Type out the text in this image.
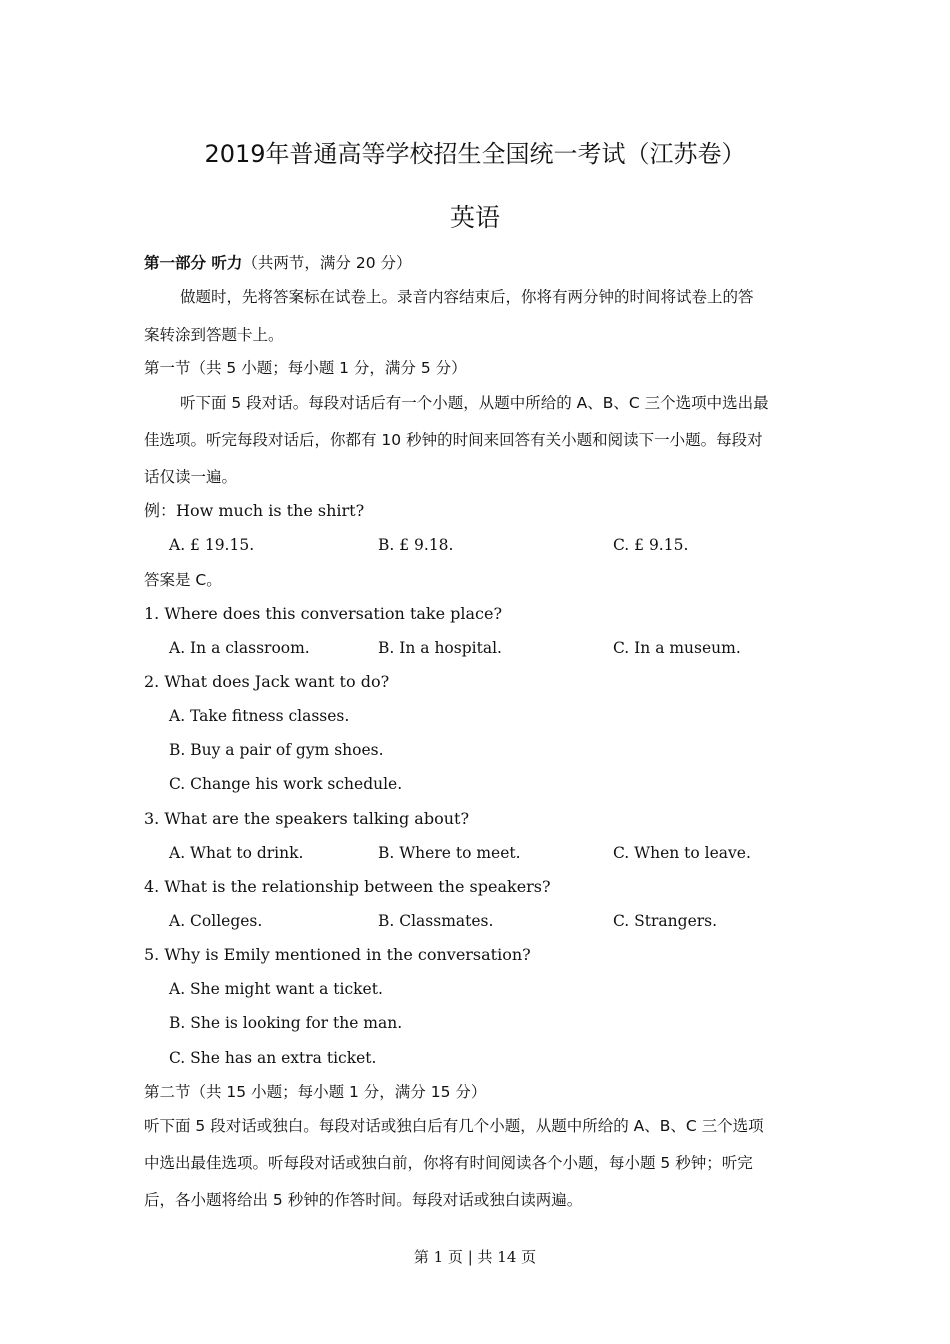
2019年普通高等学校招生全国统一考试（江苏卷）
英语
第一部分 听力（共两节，满分 20 分）
做题时，先将答案标在试卷上。录音内容结束后，你将有两分钟的时间将试卷上的答
案转涂到答题卡上。
第一节（共 5 小题；每小题 1 分，满分 5 分）
听下面 5 段对话。每段对话后有一个小题，从题中所给的 A、B、C 三个选项中选出最
佳选项。听完每段对话后，你都有 10 秒钟的时间来回答有关小题和阅读下一小题。每段对
话仅读一遍。
例：How much is the shirt?
A. £ 19.15.	B. £ 9.18.	C. £ 9.15.
答案是 C。
1. Where does this conversation take place?
A. In a classroom.	B. In a hospital.	C. In a museum.
2. What does Jack want to do?
A. Take fitness classes.
B. Buy a pair of gym shoes.
C. Change his work schedule.
3. What are the speakers talking about?
A. What to drink.	B. Where to meet.	C. When to leave.
4. What is the relationship between the speakers?
A. Colleges.	B. Classmates.	C. Strangers.
5. Why is Emily mentioned in the conversation?
A. She might want a ticket.
B. She is looking for the man.
C. She has an extra ticket.
第二节（共 15 小题；每小题 1 分，满分 15 分）
听下面 5 段对话或独白。每段对话或独白后有几个小题，从题中所给的 A、B、C 三个选项
中选出最佳选项。听每段对话或独白前，你将有时间阅读各个小题，每小题 5 秒钟；听完
后，各小题将给出 5 秒钟的作答时间。每段对话或独白读两遍。
第 1 页 | 共 14 页
